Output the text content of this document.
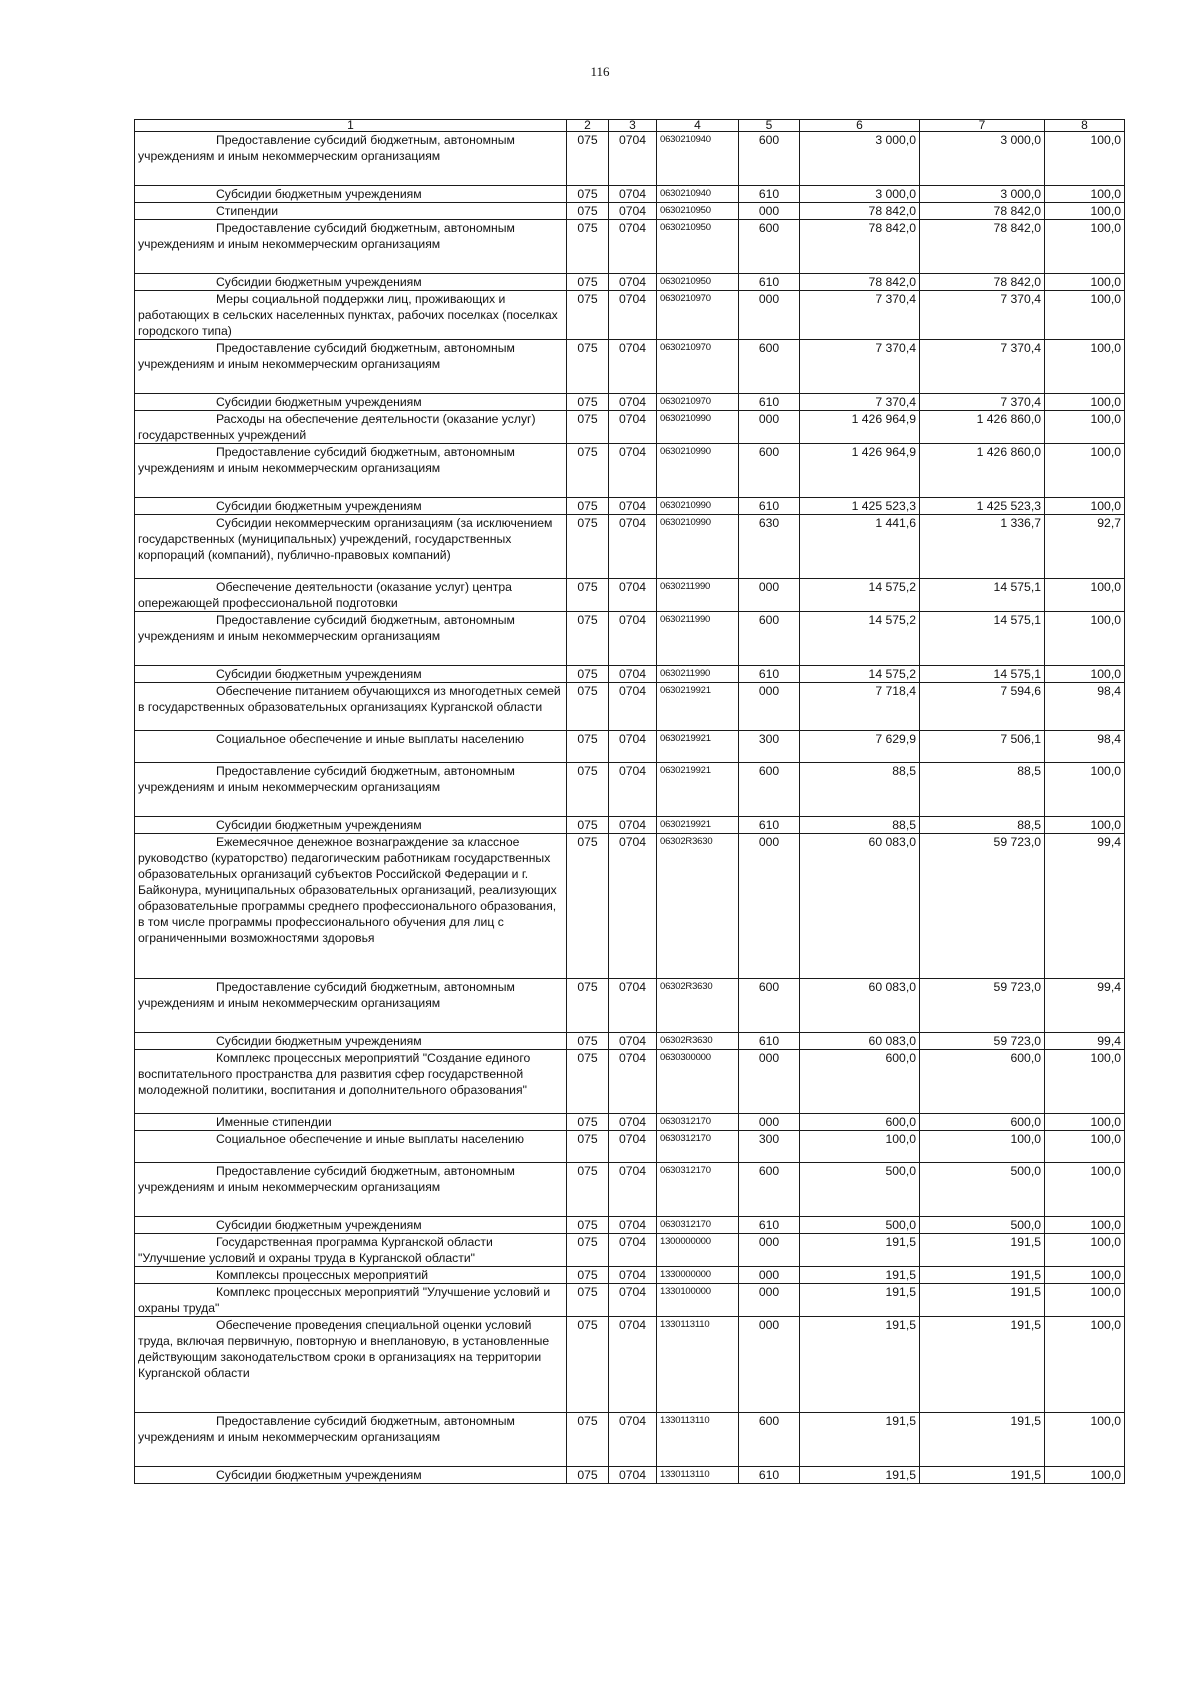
116
1	2	3	4	5	6	7	8

Предоставление субсидий бюджетным, автономным учреждениям и иным некоммерческим организациям	075	0704	0630210940	600	3 000,0	3 000,0	100,0

Субсидии бюджетным учреждениям	075	0704	0630210940	610	3 000,0	3 000,0	100,0

Стипендии	075	0704	0630210950	000	78 842,0	78 842,0	100,0

Предоставление субсидий бюджетным, автономным учреждениям и иным некоммерческим организациям	075	0704	0630210950	600	78 842,0	78 842,0	100,0

Субсидии бюджетным учреждениям	075	0704	0630210950	610	78 842,0	78 842,0	100,0

Меры социальной поддержки лиц, проживающих и работающих в сельских населенных пунктах, рабочих поселках (поселках городского типа)	075	0704	0630210970	000	7 370,4	7 370,4	100,0

Предоставление субсидий бюджетным, автономным учреждениям и иным некоммерческим организациям	075	0704	0630210970	600	7 370,4	7 370,4	100,0

Субсидии бюджетным учреждениям	075	0704	0630210970	610	7 370,4	7 370,4	100,0

Расходы на обеспечение деятельности (оказание услуг) государственных учреждений	075	0704	0630210990	000	1 426 964,9	1 426 860,0	100,0

Предоставление субсидий бюджетным, автономным учреждениям и иным некоммерческим организациям	075	0704	0630210990	600	1 426 964,9	1 426 860,0	100,0

Субсидии бюджетным учреждениям	075	0704	0630210990	610	1 425 523,3	1 425 523,3	100,0

Субсидии некоммерческим организациям (за исключением государственных (муниципальных) учреждений, государственных корпораций (компаний), публично-правовых компаний)	075	0704	0630210990	630	1 441,6	1 336,7	92,7

Обеспечение деятельности (оказание услуг) центра опережающей профессиональной подготовки	075	0704	0630211990	000	14 575,2	14 575,1	100,0

Предоставление субсидий бюджетным, автономным учреждениям и иным некоммерческим организациям	075	0704	0630211990	600	14 575,2	14 575,1	100,0

Субсидии бюджетным учреждениям	075	0704	0630211990	610	14 575,2	14 575,1	100,0

Обеспечение питанием обучающихся из многодетных семей в государственных образовательных организациях Курганской области	075	0704	0630219921	000	7 718,4	7 594,6	98,4

Социальное обеспечение и иные выплаты населению	075	0704	0630219921	300	7 629,9	7 506,1	98,4

Предоставление субсидий бюджетным, автономным учреждениям и иным некоммерческим организациям	075	0704	0630219921	600	88,5	88,5	100,0

Субсидии бюджетным учреждениям	075	0704	0630219921	610	88,5	88,5	100,0

Ежемесячное денежное вознаграждение за классное руководство (кураторство) педагогическим работникам государственных образовательных организаций субъектов Российской Федерации и г. Байконура, муниципальных образовательных организаций, реализующих образовательные программы среднего профессионального образования, в том числе программы профессионального обучения для лиц с ограниченными возможностями здоровья	075	0704	06302R3630	000	60 083,0	59 723,0	99,4

Предоставление субсидий бюджетным, автономным учреждениям и иным некоммерческим организациям	075	0704	06302R3630	600	60 083,0	59 723,0	99,4

Субсидии бюджетным учреждениям	075	0704	06302R3630	610	60 083,0	59 723,0	99,4

Комплекс процессных мероприятий "Создание единого воспитательного пространства для развития сфер государственной молодежной политики, воспитания и дополнительного образования"	075	0704	0630300000	000	600,0	600,0	100,0

Именные стипендии	075	0704	0630312170	000	600,0	600,0	100,0

Социальное обеспечение и иные выплаты населению	075	0704	0630312170	300	100,0	100,0	100,0

Предоставление субсидий бюджетным, автономным учреждениям и иным некоммерческим организациям	075	0704	0630312170	600	500,0	500,0	100,0

Субсидии бюджетным учреждениям	075	0704	0630312170	610	500,0	500,0	100,0

Государственная программа Курганской области "Улучшение условий и охраны труда в Курганской области"	075	0704	1300000000	000	191,5	191,5	100,0

Комплексы процессных мероприятий	075	0704	1330000000	000	191,5	191,5	100,0

Комплекс процессных мероприятий "Улучшение условий и охраны труда"	075	0704	1330100000	000	191,5	191,5	100,0

Обеспечение проведения специальной оценки условий труда, включая первичную, повторную и внеплановую, в установленные действующим законодательством сроки в организациях на территории Курганской области	075	0704	1330113110	000	191,5	191,5	100,0

Предоставление субсидий бюджетным, автономным учреждениям и иным некоммерческим организациям	075	0704	1330113110	600	191,5	191,5	100,0

Субсидии бюджетным учреждениям	075	0704	1330113110	610	191,5	191,5	100,0
